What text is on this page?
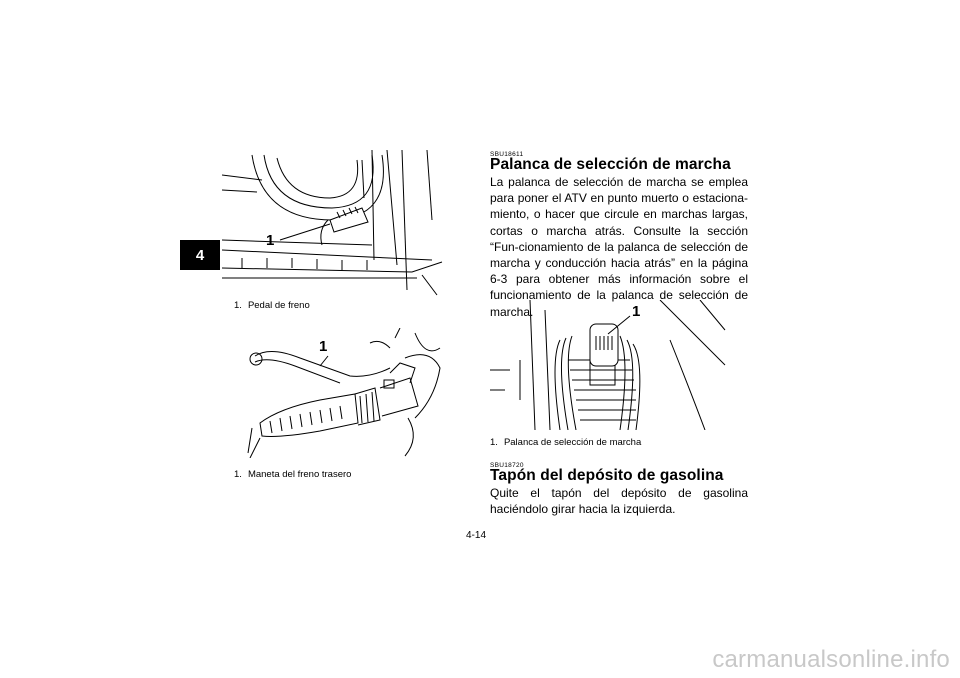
4
1
1. Pedal de freno
1
1. Maneta del freno trasero
SBU18611
Palanca de selección de marcha
La palanca de selección de marcha se emplea para poner el ATV en punto muerto o estaciona-miento, o hacer que circule en marchas largas, cortas o marcha atrás. Consulte la sección “Fun-cionamiento de la palanca de selección de marcha y conducción hacia atrás” en la página 6-3 para obtener más información sobre el funcionamiento de la palanca de selección de marcha.	1
1. Palanca de selección de marcha
SBU18720
Tapón del depósito de gasolina
Quite el tapón del depósito de gasolina haciéndolo girar hacia la izquierda.
4-14
carmanualsonline.info
